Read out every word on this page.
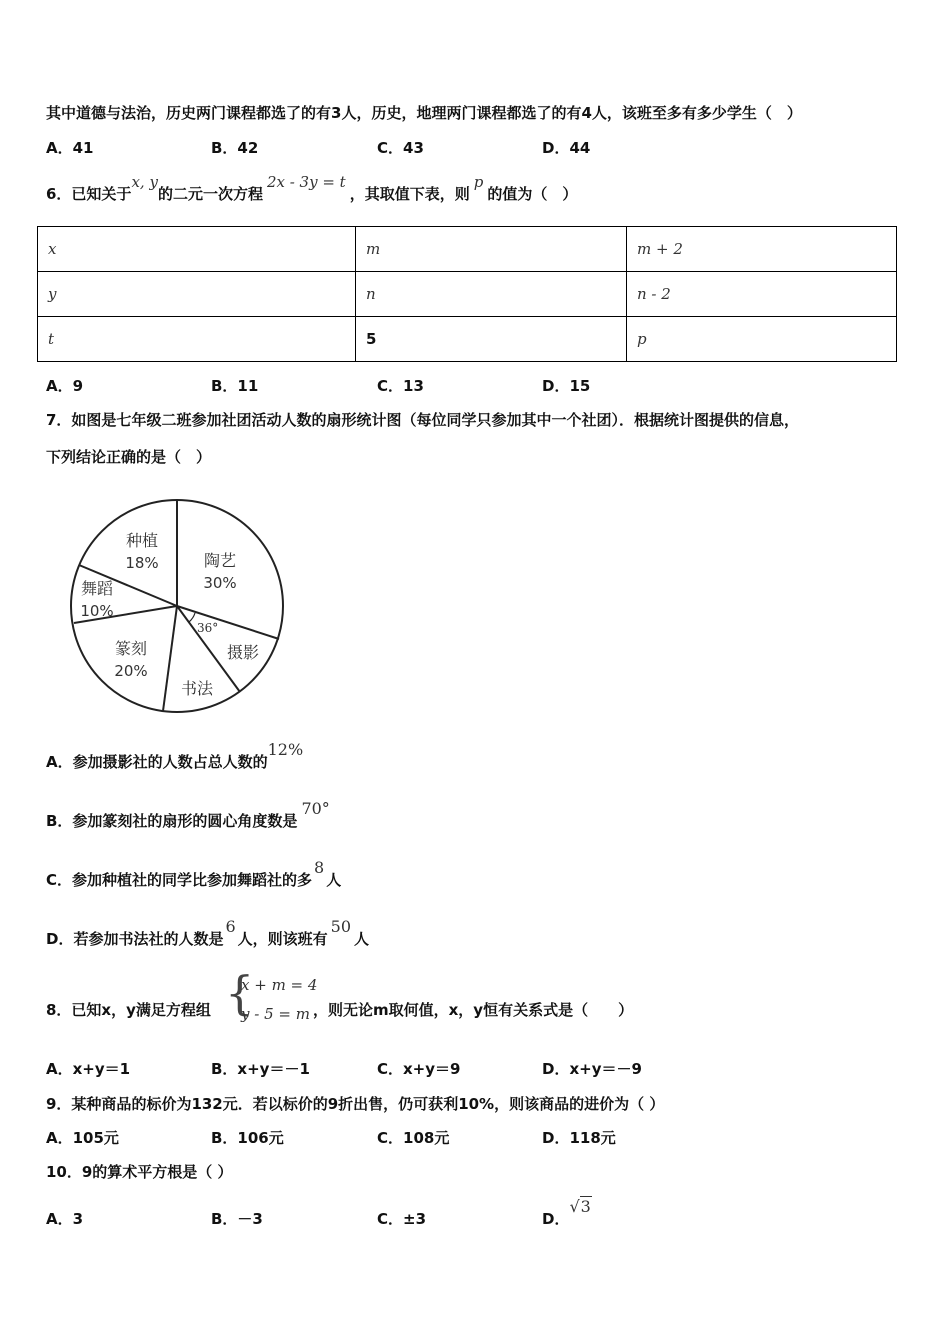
其中道德与法治，历史两门课程都选了的有3人，历史，地理两门课程都选了的有4人，该班至多有多少学生（　）
A．41	B．42	C．43	D．44
6．已知关于x, y的二元一次方程2x - 3y = t，其取值下表，则p的值为（　）
x	m	m + 2
y	n	n - 2
t	5	p
A．9	B．11	C．13	D．15
7．如图是七年级二班参加社团活动人数的扇形统计图（每位同学只参加其中一个社团）．根据统计图提供的信息，
下列结论正确的是（　）
36°
陶艺
30%
摄影
书法
篆刻
20%
舞蹈
10%
种植
18%
A．参加摄影社的人数占总人数的12%
B．参加篆刻社的扇形的圆心角度数是70°
C．参加种植社的同学比参加舞蹈社的多8人
D．若参加书法社的人数是6人，则该班有50人
8．已知x，y满足方程组 {
x + m = 4
y - 5 = m ，则无论m取何值，x，y恒有关系式是（　　）
A．x+y＝1	B．x+y＝－1	C．x+y＝9	D．x+y＝－9
9．某种商品的标价为132元．若以标价的9折出售，仍可获利10%，则该商品的进价为（ ）
A．105元	B．106元	C．108元	D．118元
10．9的算术平方根是（ ）
A．3	B．－3	C．±3	D．√3
